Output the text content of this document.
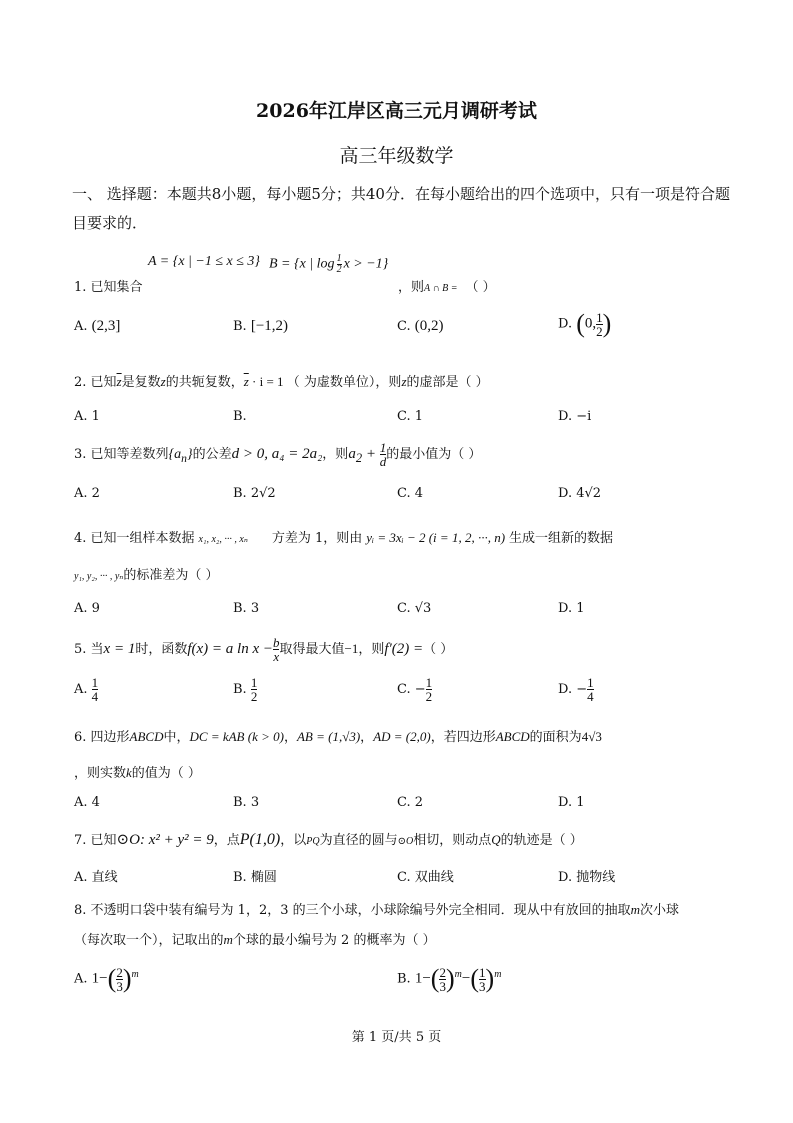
2026年江岸区高三元月调研考试
高三年级数学
一、 选择题：本题共8小题，每小题5分；共40分．在每小题给出的四个选项中，只有一项是符合题目要求的．
A = {x | −1 ≤ x ≤ 3} B = {x | $\log \frac{1}{2}$ x > −1}
1. 已知集合	，则A ∩ B = （ ）
A. (2,3]	B. [−1,2)	C. (0,2)	D. (0, $\frac{1}{2}$ )
2. 已知$\overline{z}$是复数z的共轭复数，$\overline{z} \cdot i = 1$ （ 为虚数单位），则z的虚部是（ ）
A. 1	B.	C. 1	D. −i
3. 已知等差数列$\{a_n\}$的公差d > 0, a₄ = 2a₂，则$a_2 + \frac{1}{d}$ 的最小值为（ ）
A. 2	B. 2√2	C. 4	D. 4√2
4. 已知一组样本数据 x₁, x₂, ··· , xₙ 方差为 1，则由 yᵢ = 3xᵢ − 2 (i = 1, 2, ···, n) 生成一组新的数据
y₁, y₂, ··· , yₙ的标准差为（ ）
A. 9	B. 3	C. √3	D. 1
5. 当x = 1时，函数f(x) = a $\ln x - \frac{b}{x}$ 取得最大值−1，则f′(2) =（ ）
A. $\frac{1}{4}$	B. $\frac{1}{2}$	C. − $\frac{1}{2}$	D. − $\frac{1}{4}$
6. 四边形ABCD中，DC = kAB (k > 0)，AB = (1,√3)，AD = (2,0)，若四边形ABCD的面积为4√3
，则实数k的值为（ ）
A. 4	B. 3	C. 2	D. 1
7. 已知⊙O: x² + y² = 9，点P(1,0)，以PQ为直径的圆与⊙O相切，则动点Q的轨迹是（ ）
A. 直线	B. 椭圆	C. 双曲线	D. 抛物线
8. 不透明口袋中装有编号为 1，2，3 的三个小球，小球除编号外完全相同．现从中有放回的抽取m次小球
（每次取一个），记取出的m个球的最小编号为 2 的概率为（ ）
A. $1-( \frac{2}{3} )^m$	B. $1-( \frac{2}{3} )^m-( \frac{1}{3} )^m$
第 1 页/共 5 页
